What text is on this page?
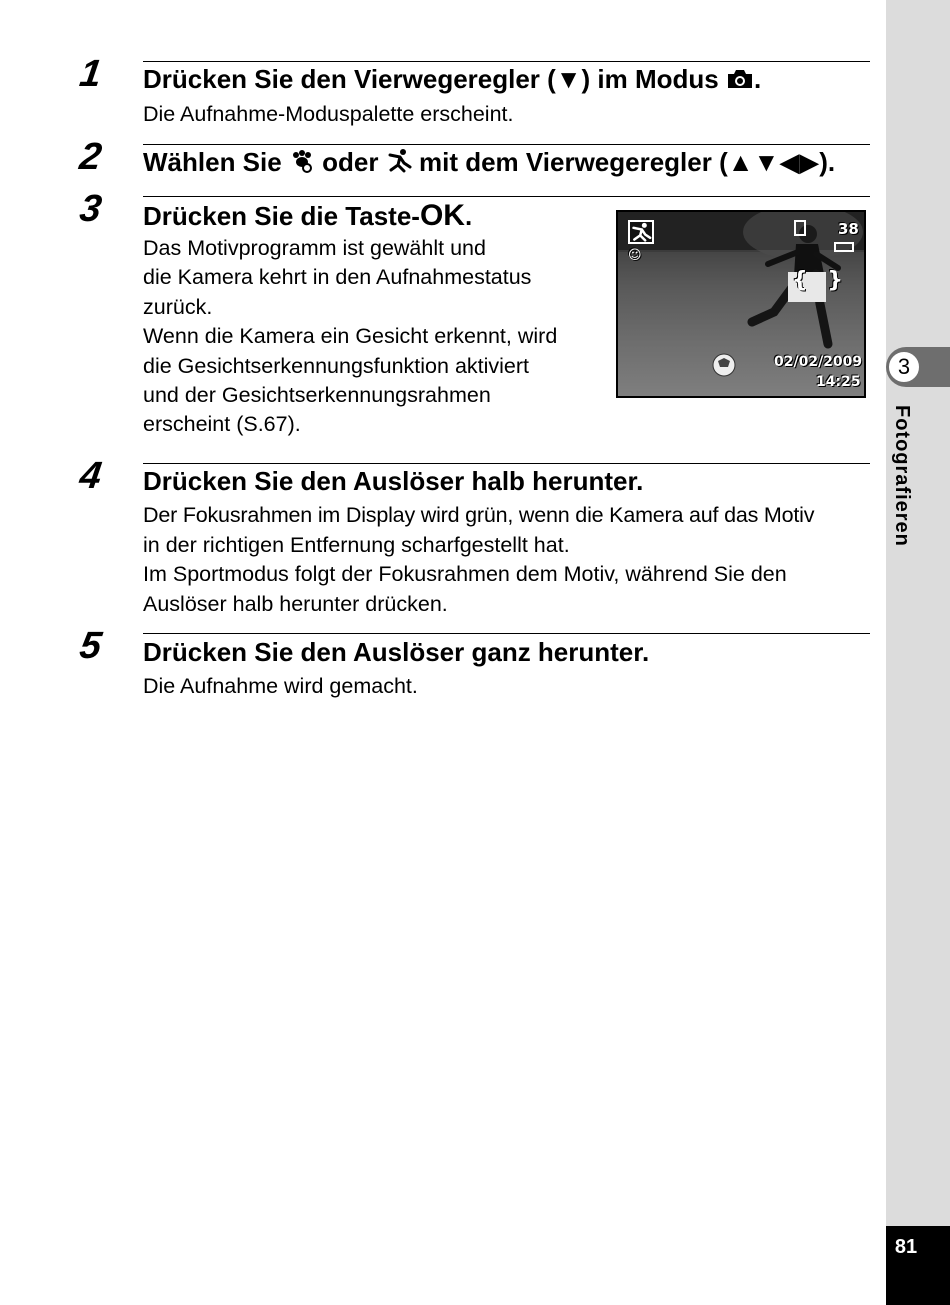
3
Fotografieren
81
1 Drücken Sie den Vierwegeregler (▼) im Modus .
Die Aufnahme-Moduspalette erscheint.
2 Wählen Sie oder mit dem Vierwegeregler (▲▼◀▶).
3 Drücken Sie die Taste-OK.
Das Motivprogramm ist gewählt und
die Kamera kehrt in den Aufnahmestatus
zurück.
Wenn die Kamera ein Gesicht erkennt, wird
die Gesichtserkennungsfunktion aktiviert
und der Gesichtserkennungsrahmen
erscheint (S.67).
☺
38
{ }
02/02/2009
14:25
4 Drücken Sie den Auslöser halb herunter.
Der Fokusrahmen im Display wird grün, wenn die Kamera auf das Motiv
in der richtigen Entfernung scharfgestellt hat.
Im Sportmodus folgt der Fokusrahmen dem Motiv, während Sie den
Auslöser halb herunter drücken.
5 Drücken Sie den Auslöser ganz herunter.
Die Aufnahme wird gemacht.
